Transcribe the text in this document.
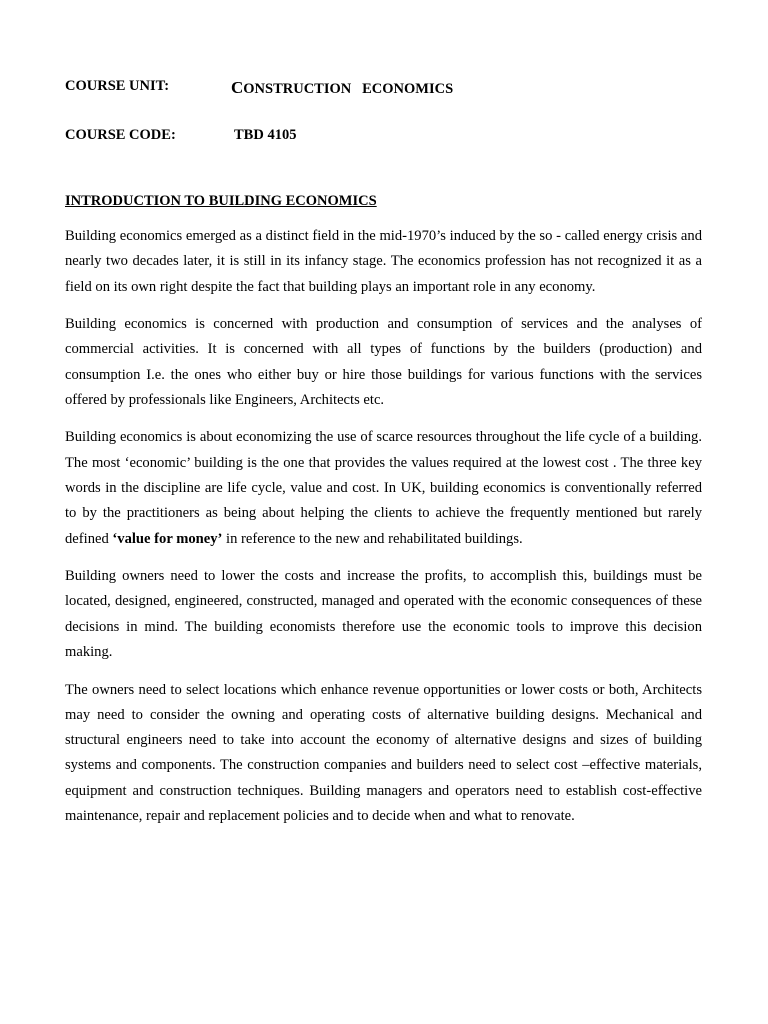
COURSE UNIT:	CONSTRUCTION   ECONOMICS
COURSE CODE:	TBD 4105
INTRODUCTION TO BUILDING ECONOMICS

Building economics emerged as a distinct field in the mid-1970’s induced by the so - called energy crisis and nearly two decades later, it is still in its infancy stage. The economics profession has not recognized it as a field on its own right despite the fact that building plays an important role in any economy.

Building economics is concerned with production and consumption of services and the analyses of commercial activities. It is concerned with all types of functions by the builders (production) and consumption I.e. the ones who either buy or hire those buildings for various functions with the services offered by professionals like Engineers, Architects etc.

Building economics is about economizing the use of scarce resources throughout the life cycle of a building. The most ‘economic’ building is the one that provides the values required at the lowest cost . The three key words in the discipline are life cycle, value and cost. In UK, building economics is conventionally referred to by the practitioners as being about helping the clients to achieve the frequently mentioned but rarely defined ‘value for money’ in reference to the new and rehabilitated buildings.

Building owners need to lower the costs and increase the profits, to accomplish this, buildings must be located, designed, engineered, constructed, managed and operated with the economic consequences of these decisions in mind. The building economists therefore use the economic tools to improve this decision making.

The owners need to select locations which enhance revenue opportunities or lower costs or both, Architects may need to consider the owning and operating costs of alternative building designs. Mechanical and structural engineers need to take into account the economy of alternative designs and sizes of building systems and components. The construction companies and builders need to select cost –effective materials, equipment and construction techniques. Building managers and operators need to establish cost-effective maintenance, repair and replacement policies and to decide when and what to renovate.
